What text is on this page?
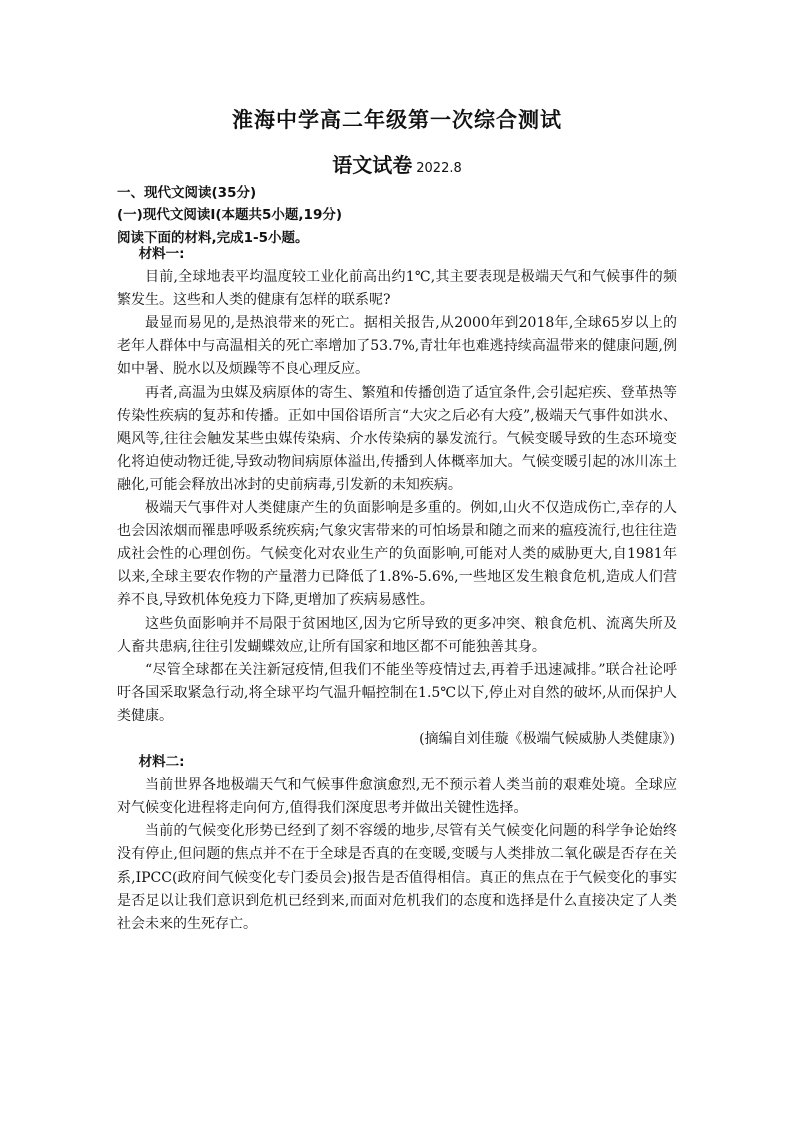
淮海中学高二年级第一次综合测试
语文试卷 2022.8
一、现代文阅读(35分)
(一)现代文阅读Ⅰ(本题共5小题,19分)
阅读下面的材料,完成1-5小题。

材料一:

目前,全球地表平均温度较工业化前高出约1℃,其主要表现是极端天气和气候事件的频繁发生。这些和人类的健康有怎样的联系呢?

最显而易见的,是热浪带来的死亡。据相关报告,从2000年到2018年,全球65岁以上的老年人群体中与高温相关的死亡率增加了53.7%,青壮年也难逃持续高温带来的健康问题,例如中暑、脱水以及烦躁等不良心理反应。

再者,高温为虫媒及病原体的寄生、繁殖和传播创造了适宜条件,会引起疟疾、登革热等传染性疾病的复苏和传播。正如中国俗语所言“大灾之后必有大疫”,极端天气事件如洪水、飓风等,往往会触发某些虫媒传染病、介水传染病的暴发流行。气候变暖导致的生态环境变化将迫使动物迁徙,导致动物间病原体溢出,传播到人体概率加大。气候变暖引起的冰川冻土融化,可能会释放出冰封的史前病毒,引发新的未知疾病。

极端天气事件对人类健康产生的负面影响是多重的。例如,山火不仅造成伤亡,幸存的人也会因浓烟而罹患呼吸系统疾病;气象灾害带来的可怕场景和随之而来的瘟疫流行,也往往造成社会性的心理创伤。气候变化对农业生产的负面影响,可能对人类的威胁更大,自1981年以来,全球主要农作物的产量潜力已降低了1.8%-5.6%,一些地区发生粮食危机,造成人们营养不良,导致机体免疫力下降,更增加了疾病易感性。

这些负面影响并不局限于贫困地区,因为它所导致的更多冲突、粮食危机、流离失所及人畜共患病,往往引发蝴蝶效应,让所有国家和地区都不可能独善其身。

“尽管全球都在关注新冠疫情,但我们不能坐等疫情过去,再着手迅速减排。”联合社论呼吁各国采取紧急行动,将全球平均气温升幅控制在1.5℃以下,停止对自然的破坏,从而保护人类健康。

(摘编自刘佳璇《极端气候威胁人类健康》)

材料二:

当前世界各地极端天气和气候事件愈演愈烈,无不预示着人类当前的艰难处境。全球应对气候变化进程将走向何方,值得我们深度思考并做出关键性选择。

当前的气候变化形势已经到了刻不容缓的地步,尽管有关气候变化问题的科学争论始终没有停止,但问题的焦点并不在于全球是否真的在变暖,变暖与人类排放二氧化碳是否存在关系,IPCC(政府间气候变化专门委员会)报告是否值得相信。真正的焦点在于气候变化的事实是否足以让我们意识到危机已经到来,而面对危机我们的态度和选择是什么直接决定了人类社会未来的生死存亡。
